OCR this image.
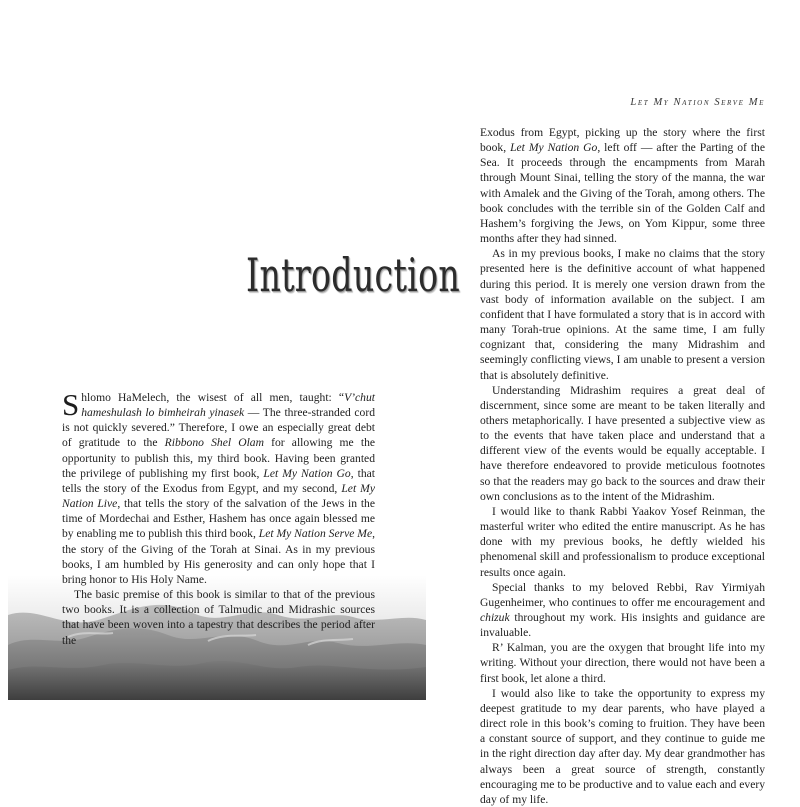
Introduction

Shlomo HaMelech, the wisest of all men, taught: “V’chut hameshulash lo bimheirah yinasek — The three-stranded cord is not quickly severed.” Therefore, I owe an especially great debt of gratitude to the Ribbono Shel Olam for allowing me the opportunity to publish this, my third book. Having been granted the privilege of publishing my first book, Let My Nation Go, that tells the story of the Exodus from Egypt, and my second, Let My Nation Live, that tells the story of the salvation of the Jews in the time of Mordechai and Esther, Hashem has once again blessed me by enabling me to publish this third book, Let My Nation Serve Me, the story of the Giving of the Torah at Sinai. As in my previous books, I am humbled by His generosity and can only hope that I bring honor to His Holy Name.

The basic premise of this book is similar to that of the previous two books. It is a collection of Talmudic and Midrashic sources that have been woven into a tapestry that describes the period after the

Let My Nation Serve Me

Exodus from Egypt, picking up the story where the first book, Let My Nation Go, left off — after the Parting of the Sea. It proceeds through the encampments from Marah through Mount Sinai, telling the story of the manna, the war with Amalek and the Giving of the Torah, among others. The book concludes with the terrible sin of the Golden Calf and Hashem’s forgiving the Jews, on Yom Kippur, some three months after they had sinned.

As in my previous books, I make no claims that the story presented here is the definitive account of what happened during this period. It is merely one version drawn from the vast body of information available on the subject. I am confident that I have formulated a story that is in accord with many Torah-true opinions. At the same time, I am fully cognizant that, considering the many Midrashim and seemingly conflicting views, I am unable to present a version that is absolutely definitive.

Understanding Midrashim requires a great deal of discernment, since some are meant to be taken literally and others metaphorically. I have presented a subjective view as to the events that have taken place and understand that a different view of the events would be equally acceptable. I have therefore endeavored to provide meticulous footnotes so that the readers may go back to the sources and draw their own conclusions as to the intent of the Midrashim.

I would like to thank Rabbi Yaakov Yosef Reinman, the masterful writer who edited the entire manuscript. As he has done with my previous books, he deftly wielded his phenomenal skill and professionalism to produce exceptional results once again.

Special thanks to my beloved Rebbi, Rav Yirmiyah Gugenheimer, who continues to offer me encouragement and chizuk throughout my work. His insights and guidance are invaluable.

R’ Kalman, you are the oxygen that brought life into my writing. Without your direction, there would not have been a first book, let alone a third.

I would also like to take the opportunity to express my deepest gratitude to my dear parents, who have played a direct role in this book’s coming to fruition. They have been a constant source of support, and they continue to guide me in the right direction day after day. My dear grandmother has always been a great source of strength, constantly encouraging me to be productive and to value each and every day of my life.
